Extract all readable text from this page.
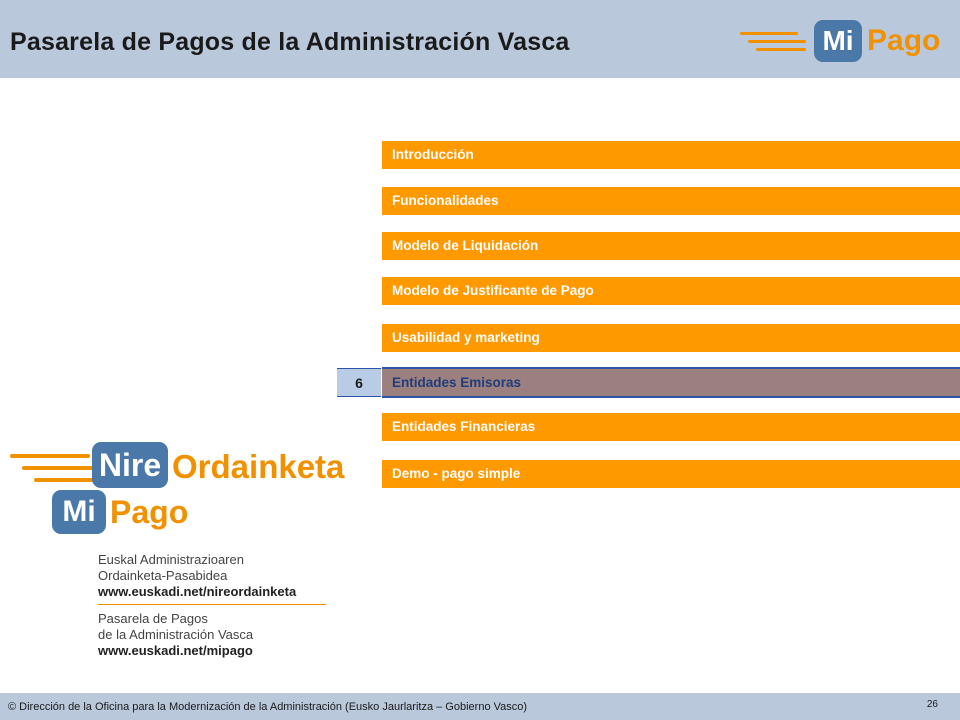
Pasarela de Pagos de la Administración Vasca	Mi Pago
Introducción
Funcionalidades
Modelo de Liquidación
Modelo de Justificante de Pago
Usabilidad y marketing
6	Entidades Emisoras
Entidades Financieras
Demo - pago simple
Nire Ordainketa
Mi Pago
Euskal Administrazioaren
Ordainketa-Pasabidea
www.euskadi.net/nireordainketa
Pasarela de Pagos
de la Administración Vasca
www.euskadi.net/mipago
© Dirección de la Oficina para la Modernización de la Administración (Eusko Jaurlaritza – Gobierno Vasco)	26
